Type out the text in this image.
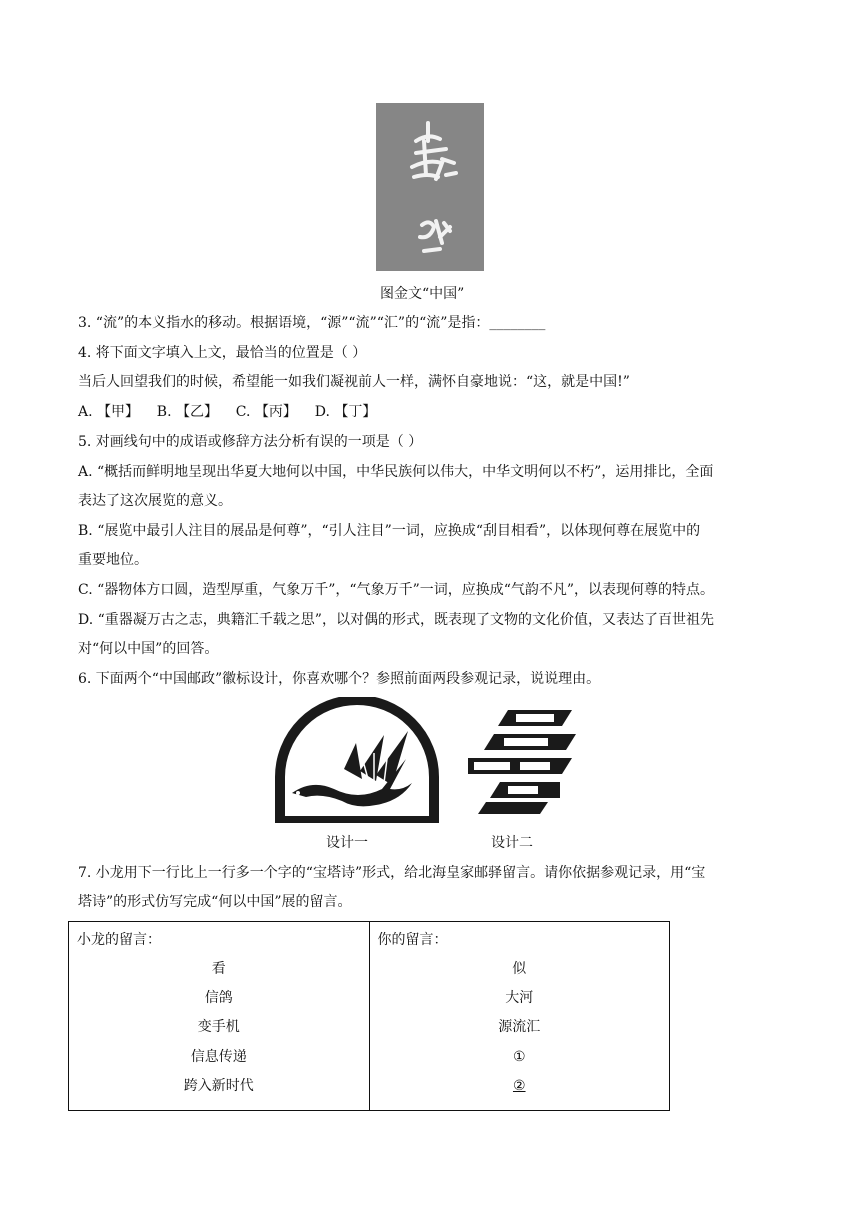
图金文“中国”
3. “流”的本义指水的移动。根据语境，“源”“流”“汇”的“流”是指：________
4. 将下面文字填入上文，最恰当的位置是（ ）
当后人回望我们的时候，希望能一如我们凝视前人一样，满怀自豪地说：“这，就是中国!”
A. 【甲】    B. 【乙】    C. 【丙】    D. 【丁】
5. 对画线句中的成语或修辞方法分析有误的一项是（ ）
A. “概括而鲜明地呈现出华夏大地何以中国，中华民族何以伟大，中华文明何以不朽”，运用排比，全面
表达了这次展览的意义。
B. “展览中最引人注目的展品是何尊”，“引人注目”一词，应换成“刮目相看”，以体现何尊在展览中的
重要地位。
C. “器物体方口圆，造型厚重，气象万千”，“气象万千”一词，应换成“气韵不凡”，以表现何尊的特点。
D. “重器凝万古之志，典籍汇千载之思”，以对偶的形式，既表现了文物的文化价值，又表达了百世祖先
对“何以中国”的回答。
6. 下面两个“中国邮政”徽标设计，你喜欢哪个？参照前面两段参观记录，说说理由。
设计一	设计二
7. 小龙用下一行比上一行多一个字的“宝塔诗”形式，给北海皇家邮驿留言。请你依据参观记录，用“宝
塔诗”的形式仿写完成“何以中国”展的留言。
小龙的留言：
看
信鸽
变手机
信息传递
跨入新时代

你的留言：
似
大河
源流汇
①
②
